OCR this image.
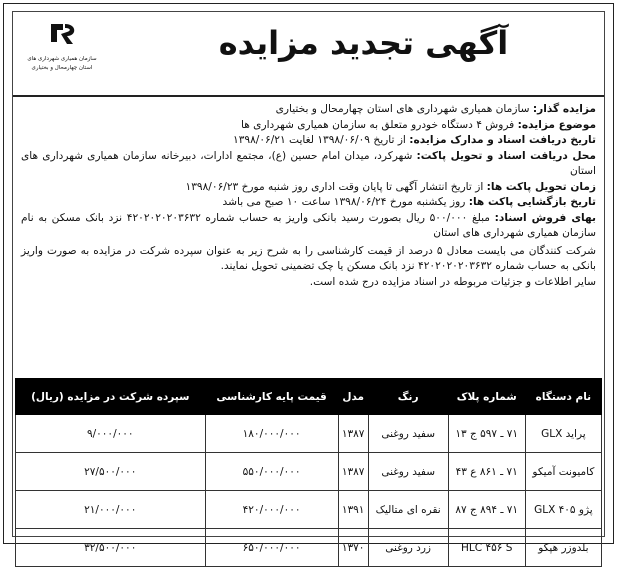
سازمان همیاری شهرداری های
استان چهارمحال و بختیاری
آگهی تجدید مزایده

مزایده گذار: سازمان همیاری شهرداری های استان چهارمحال و بختیاری

موضوع مزایده: فروش ۴ دستگاه خودرو متعلق به سازمان همیاری شهرداری ها

تاریخ دریافت اسناد و مدارک مزایده: از تاریخ ۱۳۹۸/۰۶/۰۹ لغایت ۱۳۹۸/۰۶/۲۱

محل دریافت اسناد و تحویل پاکت: شهرکرد، میدان امام حسین (ع)، مجتمع ادارات، دبیرخانه سازمان همیاری شهرداری های استان

زمان تحویل پاکت ها: از تاریخ انتشار آگهی تا پایان وقت اداری روز شنبه مورخ ۱۳۹۸/۰۶/۲۳

تاریخ بازگشایی پاکت ها: روز یکشنبه مورخ ۱۳۹۸/۰۶/۲۴ ساعت ۱۰ صبح می باشد

بهای فروش اسناد: مبلغ ۵۰۰/۰۰۰ ریال بصورت رسید بانکی واریز به حساب شماره ۴۲۰۲۰۲۰۲۰۳۶۳۲ نزد بانک مسکن به نام سازمان همیاری شهرداری های استان

شرکت کنندگان می بایست معادل ۵ درصد از قیمت کارشناسی را به شرح زیر به عنوان سپرده شرکت در مزایده به صورت واریز بانکی به حساب شماره ۴۲۰۲۰۲۰۲۰۳۶۳۲ نزد بانک مسکن یا چک تضمینی تحویل نمایند.

سایر اطلاعات و جزئیات مربوطه در اسناد مزایده درج شده است.

نام دستگاه	شماره پلاک	رنگ	مدل	قیمت پایه کارشناسی	سپرده شرکت در مزایده (ریال)
پراید GLX	۷۱ ـ ۵۹۷ ج ۱۳	سفید روغنی	۱۳۸۷	۱۸۰/۰۰۰/۰۰۰	۹/۰۰۰/۰۰۰
کامیونت آمیکو	۷۱ ـ ۸۶۱ ع ۴۳	سفید روغنی	۱۳۸۷	۵۵۰/۰۰۰/۰۰۰	۲۷/۵۰۰/۰۰۰
پژو GLX ۴۰۵	۷۱ ـ ۸۹۴ ج ۸۷	نقره ای متالیک	۱۳۹۱	۴۲۰/۰۰۰/۰۰۰	۲۱/۰۰۰/۰۰۰
بلدوزر هپکو	HLC ۴۵۶ S	زرد روغنی	۱۳۷۰	۶۵۰/۰۰۰/۰۰۰	۳۲/۵۰۰/۰۰۰
